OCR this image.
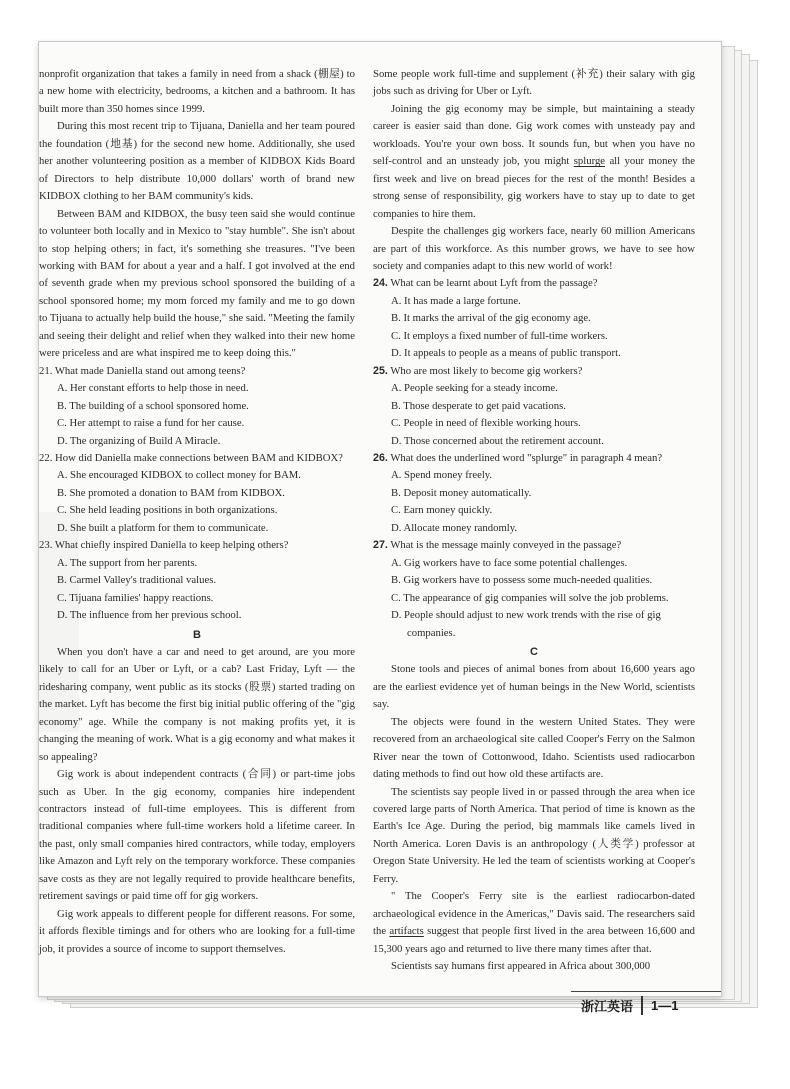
nonprofit organization that takes a family in need from a shack (棚屋) to a new home with electricity, bedrooms, a kitchen and a bathroom. It has built more than 350 homes since 1999.

During this most recent trip to Tijuana, Daniella and her team poured the foundation (地基) for the second new home. Additionally, she used her another volunteering position as a member of KIDBOX Kids Board of Directors to help distribute 10,000 dollars' worth of brand new KIDBOX clothing to her BAM community's kids.

Between BAM and KIDBOX, the busy teen said she would continue to volunteer both locally and in Mexico to "stay humble". She isn't about to stop helping others; in fact, it's something she treasures. "I've been working with BAM for about a year and a half. I got involved at the end of seventh grade when my previous school sponsored the building of a school sponsored home; my mom forced my family and me to go down to Tijuana to actually help build the house," she said. "Meeting the family and seeing their delight and relief when they walked into their new home were priceless and are what inspired me to keep doing this."

21. What made Daniella stand out among teens?

A. Her constant efforts to help those in need.

B. The building of a school sponsored home.

C. Her attempt to raise a fund for her cause.

D. The organizing of Build A Miracle.

22. How did Daniella make connections between BAM and KIDBOX?

A. She encouraged KIDBOX to collect money for BAM.

B. She promoted a donation to BAM from KIDBOX.

C. She held leading positions in both organizations.

D. She built a platform for them to communicate.

23. What chiefly inspired Daniella to keep helping others?

A. The support from her parents.

B. Carmel Valley's traditional values.

C. Tijuana families' happy reactions.

D. The influence from her previous school.

B

When you don't have a car and need to get around, are you more likely to call for an Uber or Lyft, or a cab? Last Friday, Lyft — the ridesharing company, went public as its stocks (股票) started trading on the market. Lyft has become the first big initial public offering of the "gig economy" age. While the company is not making profits yet, it is changing the meaning of work. What is a gig economy and what makes it so appealing?

Gig work is about independent contracts (合同) or part-time jobs such as Uber. In the gig economy, companies hire independent contractors instead of full-time employees. This is different from traditional companies where full-time workers hold a lifetime career. In the past, only small companies hired contractors, while today, employers like Amazon and Lyft rely on the temporary workforce. These companies save costs as they are not legally required to provide healthcare benefits, retirement savings or paid time off for gig workers.

Gig work appeals to different people for different reasons. For some, it affords flexible timings and for others who are looking for a full-time job, it provides a source of income to support themselves.

Some people work full-time and supplement (补充) their salary with gig jobs such as driving for Uber or Lyft.

Joining the gig economy may be simple, but maintaining a steady career is easier said than done. Gig work comes with unsteady pay and workloads. You're your own boss. It sounds fun, but when you have no self-control and an unsteady job, you might splurge all your money the first week and live on bread pieces for the rest of the month! Besides a strong sense of responsibility, gig workers have to stay up to date to get companies to hire them.

Despite the challenges gig workers face, nearly 60 million Americans are part of this workforce. As this number grows, we have to see how society and companies adapt to this new world of work!

24. What can be learnt about Lyft from the passage?

A. It has made a large fortune.

B. It marks the arrival of the gig economy age.

C. It employs a fixed number of full-time workers.

D. It appeals to people as a means of public transport.

25. Who are most likely to become gig workers?

A. People seeking for a steady income.

B. Those desperate to get paid vacations.

C. People in need of flexible working hours.

D. Those concerned about the retirement account.

26. What does the underlined word "splurge" in paragraph 4 mean?

A. Spend money freely.

B. Deposit money automatically.

C. Earn money quickly.

D. Allocate money randomly.

27. What is the message mainly conveyed in the passage?

A. Gig workers have to face some potential challenges.

B. Gig workers have to possess some much-needed qualities.

C. The appearance of gig companies will solve the job problems.

D. People should adjust to new work trends with the rise of gig companies.

C

Stone tools and pieces of animal bones from about 16,600 years ago are the earliest evidence yet of human beings in the New World, scientists say.

The objects were found in the western United States. They were recovered from an archaeological site called Cooper's Ferry on the Salmon River near the town of Cottonwood, Idaho. Scientists used radiocarbon dating methods to find out how old these artifacts are.

The scientists say people lived in or passed through the area when ice covered large parts of North America. That period of time is known as the Earth's Ice Age. During the period, big mammals like camels lived in North America. Loren Davis is an anthropology (人类学) professor at Oregon State University. He led the team of scientists working at Cooper's Ferry.

" The Cooper's Ferry site is the earliest radiocarbon-dated archaeological evidence in the Americas," Davis said. The researchers said the artifacts suggest that people first lived in the area between 16,600 and 15,300 years ago and returned to live there many times after that.

Scientists say humans first appeared in Africa about 300,000

浙江英语	1—1
